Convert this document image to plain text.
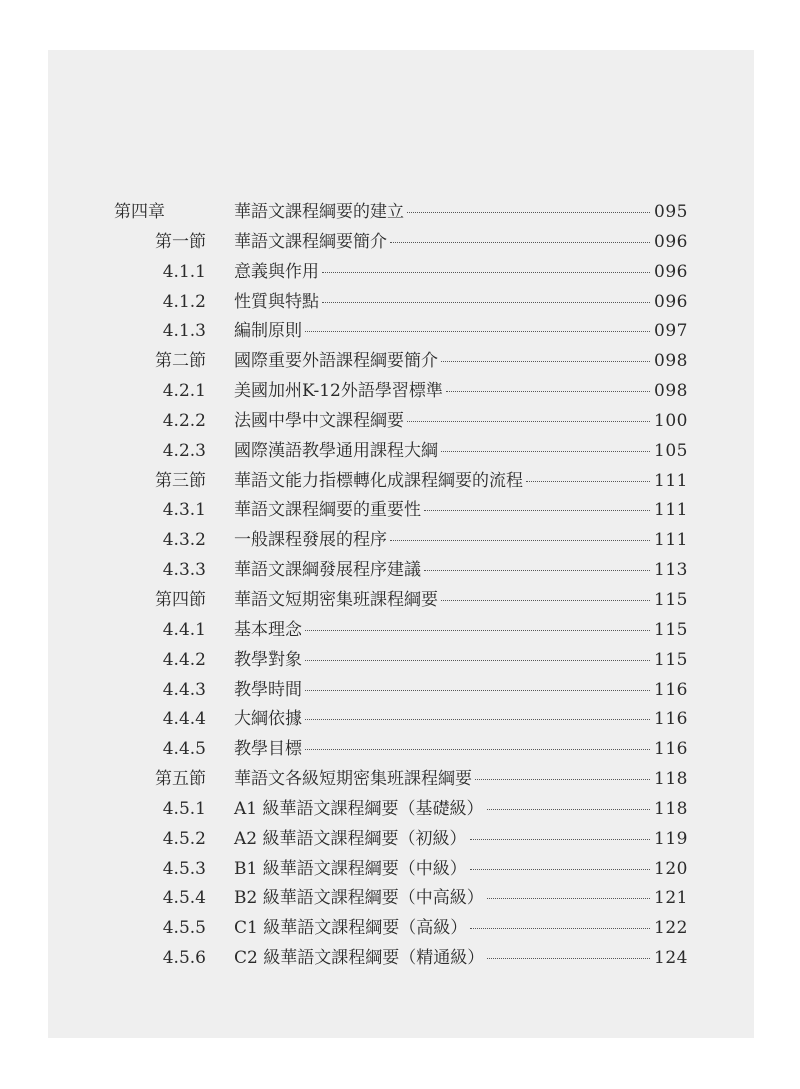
第四章	華語文課程綱要的建立	095
第一節 華語文課程綱要簡介	096
4.1.1 意義與作用	096
4.1.2 性質與特點	096
4.1.3 編制原則	097
第二節 國際重要外語課程綱要簡介	098
4.2.1 美國加州K-12外語學習標準	098
4.2.2 法國中學中文課程綱要	100
4.2.3 國際漢語教學通用課程大綱	105
第三節 華語文能力指標轉化成課程綱要的流程	111
4.3.1 華語文課程綱要的重要性	111
4.3.2 一般課程發展的程序	111
4.3.3 華語文課綱發展程序建議	113
第四節 華語文短期密集班課程綱要	115
4.4.1 基本理念	115
4.4.2 教學對象	115
4.4.3 教學時間	116
4.4.4 大綱依據	116
4.4.5 教學目標	116
第五節 華語文各級短期密集班課程綱要	118
4.5.1 A1 級華語文課程綱要（基礎級）	118
4.5.2 A2 級華語文課程綱要（初級）	119
4.5.3 B1 級華語文課程綱要（中級）	120
4.5.4 B2 級華語文課程綱要（中高級）	121
4.5.5 C1 級華語文課程綱要（高級）	122
4.5.6 C2 級華語文課程綱要（精通級）	124
